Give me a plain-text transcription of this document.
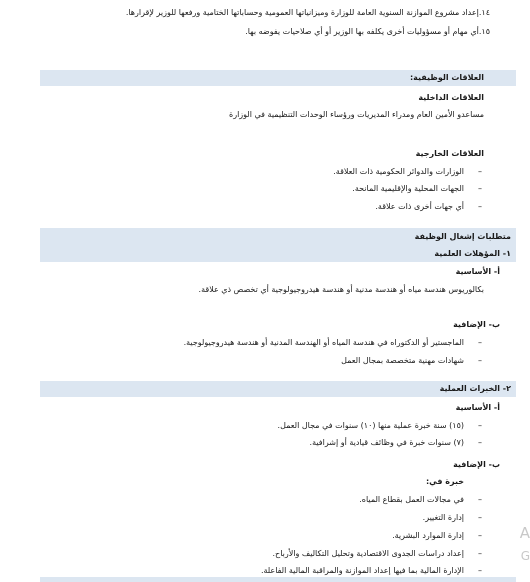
١٤.إعداد مشروع الموازنة السنوية العامة للوزارة وميزانياتها العمومية وحساباتها الختامية ورفعها للوزير لإقرارها.
١٥.أي مهام أو مسؤوليات أخرى يكلفه بها الوزير أو أي صلاحيات يفوضه بها.
العلاقات الوظيفية:
العلاقات الداخلية
مساعدو الأمين العام ومدراء المديريات ورؤساء الوحدات التنظيمية في الوزارة
العلاقات الخارجية
–
الوزارات والدوائر الحكومية ذات العلاقة.
–
الجهات المحلية والإقليمية المانحة.
–
أي جهات أخرى ذات علاقة.
متطلبات إشغال الوظيفة
١- المؤهلات العلمية
أ- الأساسية
بكالوريوس هندسة مياه أو هندسة مدنية أو هندسة هيدروجيولوجية أي تخصص ذي علاقة.
ب- الإضافية
–
الماجستير أو الدكتوراه في هندسة المياه أو الهندسة المدنية أو هندسة هيدروجيولوجية.
–
شهادات مهنية متخصصة بمجال العمل
٢- الخبرات العملية
أ- الأساسية
–
(١٥) سنة خبرة عملية منها (١٠) سنوات في مجال العمل.
–
(٧) سنوات خبرة في وظائف قيادية أو إشرافية.
ب- الإضافية
خبرة في:
–
في مجالات العمل بقطاع المياه.
–
إدارة التغيير.
–
إدارة الموارد البشرية.
–
إعداد دراسات الجدوى الاقتصادية وتحليل التكاليف والأرباح.
–
الإدارة المالية بما فيها إعداد الموازنة والمراقبة المالية الفاعلة.
A
G
